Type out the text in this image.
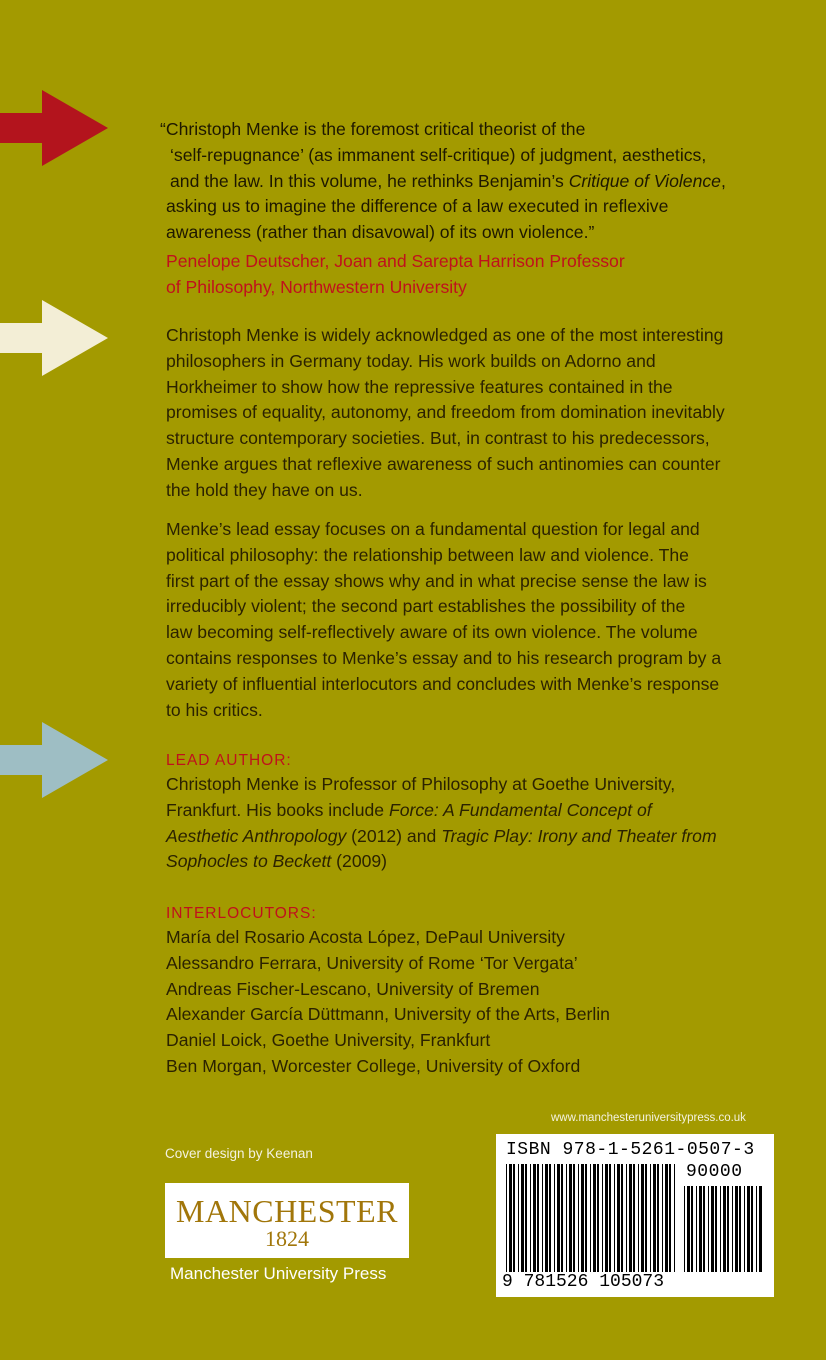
“Christoph Menke is the foremost critical theorist of the
‘self-repugnance’ (as immanent self-critique) of judgment, aesthetics,
and the law. In this volume, he rethinks Benjamin’s Critique of Violence,
asking us to imagine the difference of a law executed in reflexive
awareness (rather than disavowal) of its own violence.”
Penelope Deutscher, Joan and Sarepta Harrison Professor
of Philosophy, Northwestern University
Christoph Menke is widely acknowledged as one of the most interesting
philosophers in Germany today. His work builds on Adorno and
Horkheimer to show how the repressive features contained in the
promises of equality, autonomy, and freedom from domination inevitably
structure contemporary societies. But, in contrast to his predecessors,
Menke argues that reflexive awareness of such antinomies can counter
the hold they have on us.
Menke’s lead essay focuses on a fundamental question for legal and
political philosophy: the relationship between law and violence. The
first part of the essay shows why and in what precise sense the law is
irreducibly violent; the second part establishes the possibility of the
law becoming self-reflectively aware of its own violence. The volume
contains responses to Menke’s essay and to his research program by a
variety of influential interlocutors and concludes with Menke’s response
to his critics.
LEAD AUTHOR:
Christoph Menke is Professor of Philosophy at Goethe University,
Frankfurt. His books include Force: A Fundamental Concept of
Aesthetic Anthropology (2012) and Tragic Play: Irony and Theater from
Sophocles to Beckett (2009)
INTERLOCUTORS:
María del Rosario Acosta López, DePaul University
Alessandro Ferrara, University of Rome ‘Tor Vergata’
Andreas Fischer-Lescano, University of Bremen
Alexander García Düttmann, University of the Arts, Berlin
Daniel Loick, Goethe University, Frankfurt
Ben Morgan, Worcester College, University of Oxford
www.manchesteruniversitypress.co.uk
Cover design by Keenan
MANCHESTER
1824
Manchester University Press
ISBN 978-1-5261-0507-3
90000
9 781526 105073
